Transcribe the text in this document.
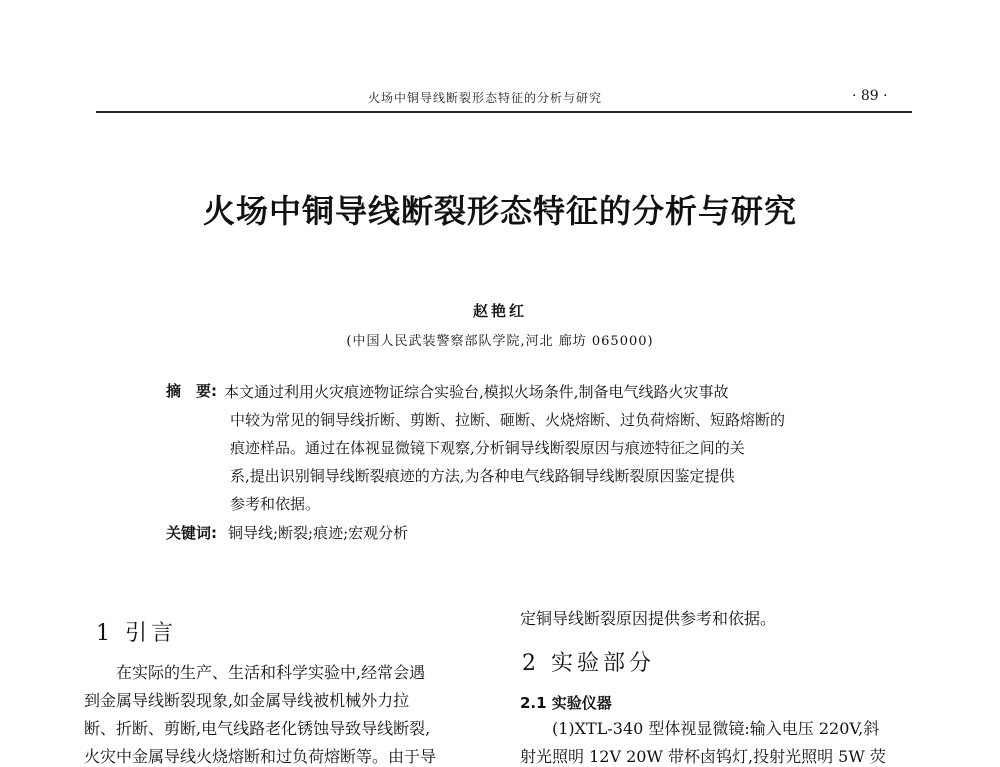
火场中铜导线断裂形态特征的分析与研究	· 89 ·
火场中铜导线断裂形态特征的分析与研究
赵艳红
(中国人民武装警察部队学院,河北 廊坊 065000)
摘　要: 本文通过利用火灾痕迹物证综合实验台,模拟火场条件,制备电气线路火灾事故
中较为常见的铜导线折断、剪断、拉断、砸断、火烧熔断、过负荷熔断、短路熔断的
痕迹样品。通过在体视显微镜下观察,分析铜导线断裂原因与痕迹特征之间的关
系,提出识别铜导线断裂痕迹的方法,为各种电气线路铜导线断裂原因鉴定提供
参考和依据。
关键词: 铜导线;断裂;痕迹;宏观分析
1 引言
　　在实际的生产、生活和科学实验中,经常会遇
到金属导线断裂现象,如金属导线被机械外力拉
断、折断、剪断,电气线路老化锈蚀导致导线断裂,
火灾中金属导线火烧熔断和过负荷熔断等。由于导
定铜导线断裂原因提供参考和依据。
2 实验部分
2.1 实验仪器
　　(1)XTL-340 型体视显微镜:输入电压 220V,斜
射光照明 12V 20W 带杯卤钨灯,投射光照明 5W 荧
